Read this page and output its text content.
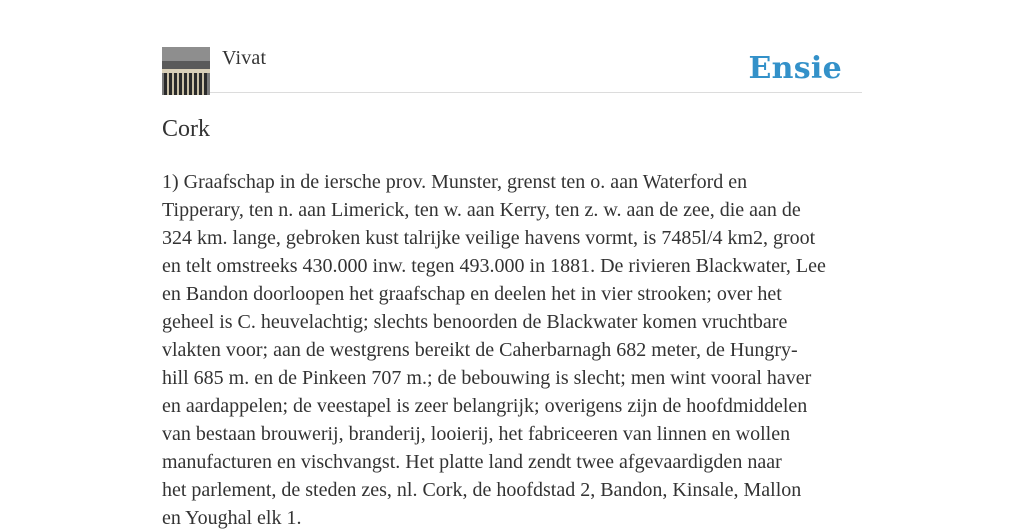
Vivat	Ensie
Cork
1) Graafschap in de iersche prov. Munster, grenst ten o. aan Waterford en
Tipperary, ten n. aan Limerick, ten w. aan Kerry, ten z. w. aan de zee, die aan de
324 km. lange, gebroken kust talrijke veilige havens vormt, is 7485l/4 km2, groot
en telt omstreeks 430.000 inw. tegen 493.000 in 1881. De rivieren Blackwater, Lee
en Bandon doorloopen het graafschap en deelen het in vier strooken; over het
geheel is C. heuvelachtig; slechts benoorden de Blackwater komen vruchtbare
vlakten voor; aan de westgrens bereikt de Caherbarnagh 682 meter, de Hungry-
hill 685 m. en de Pinkeen 707 m.; de bebouwing is slecht; men wint vooral haver
en aardappelen; de veestapel is zeer belangrijk; overigens zijn de hoofdmiddelen
van bestaan brouwerij, branderij, looierij, het fabriceeren van linnen en wollen
manufacturen en vischvangst. Het platte land zendt twee afgevaardigden naar
het parlement, de steden zes, nl. Cork, de hoofdstad 2, Bandon, Kinsale, Mallon
en Youghal elk 1.
